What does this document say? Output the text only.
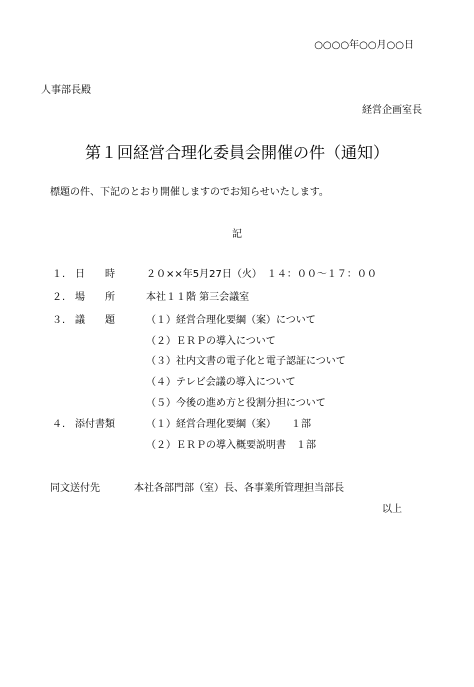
○○○○年○○月○○日
人事部長殿
経営企画室長
第１回経営合理化委員会開催の件（通知）
標題の件、下記のとおり開催しますのでお知らせいたします。
記
１. 日　　時	２０××年5月27日（火）　１４：００～１７：００
２. 場　　所	本社１１階 第三会議室
３. 議　　題	（１）経営合理化要綱（案）について
（２）ＥＲＰの導入について
（３）社内文書の電子化と電子認証について
（４）テレビ会議の導入について
（５）今後の進め方と役割分担について
４. 添付書類	（１）経営合理化要綱（案）　　１部
（２）ＥＲＰの導入概要説明書　１部
同文送付先	本社各部門部（室）長、各事業所管理担当部長
以上
